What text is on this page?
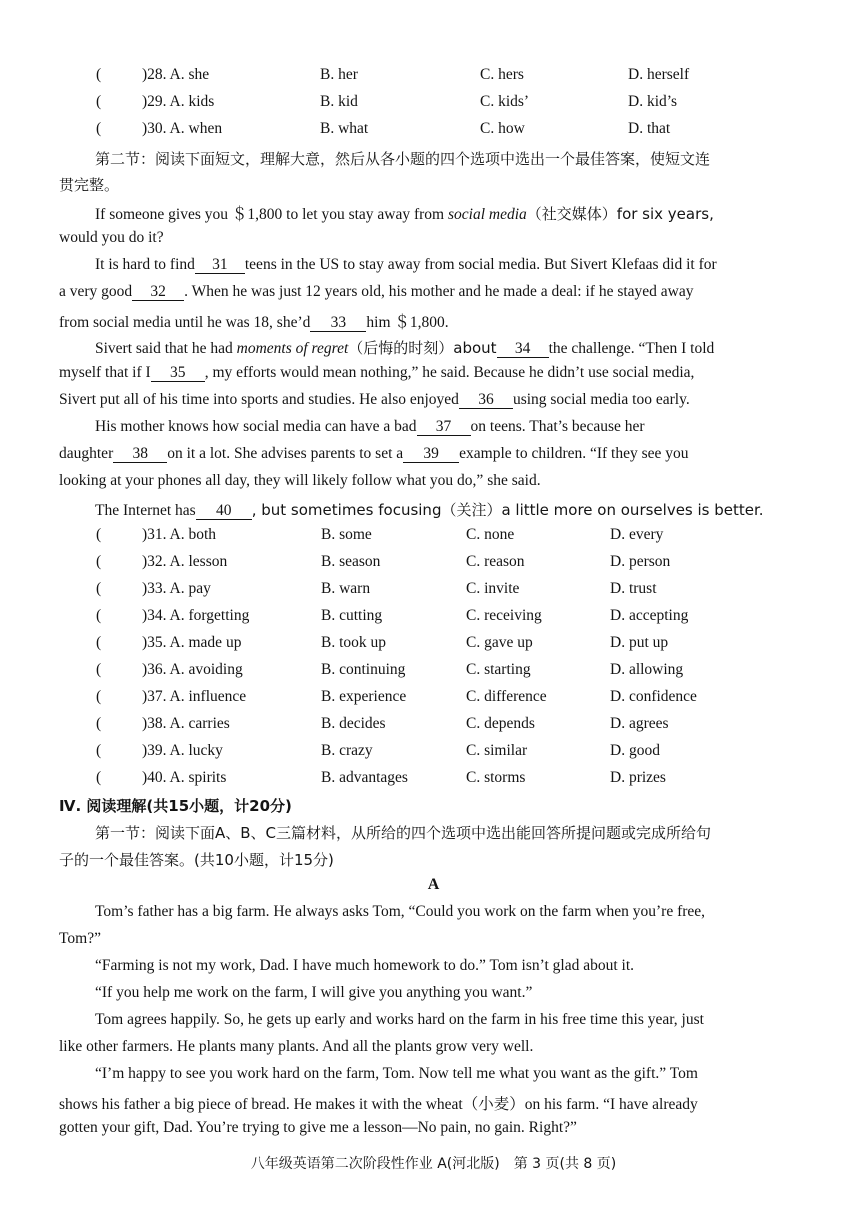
(	)28. A. she	B. her	C. hers	D. herself
(	)29. A. kids	B. kid	C. kids’	D. kid’s
(	)30. A. when	B. what	C. how	D. that
第二节：阅读下面短文，理解大意，然后从各小题的四个选项中选出一个最佳答案，使短文连
贯完整。
If someone gives you ＄1,800 to let you stay away from social media（社交媒体）for six years,
would you do it?
It is hard to find 31 teens in the US to stay away from social media. But Sivert Klefaas did it for
a very good 32 . When he was just 12 years old, his mother and he made a deal: if he stayed away
from social media until he was 18, she’d 33 him ＄1,800.
Sivert said that he had moments of regret（后悔的时刻）about 34 the challenge. “Then I told
myself that if I 35 , my efforts would mean nothing,” he said. Because he didn’t use social media,
Sivert put all of his time into sports and studies. He also enjoyed 36 using social media too early.
His mother knows how social media can have a bad 37 on teens. That’s because her
daughter 38 on it a lot. She advises parents to set a 39 example to children. “If they see you
looking at your phones all day, they will likely follow what you do,” she said.
The Internet has 40 , but sometimes focusing（关注）a little more on ourselves is better.
(	)31. A. both	B. some	C. none	D. every
(	)32. A. lesson	B. season	C. reason	D. person
(	)33. A. pay	B. warn	C. invite	D. trust
(	)34. A. forgetting	B. cutting	C. receiving	D. accepting
(	)35. A. made up	B. took up	C. gave up	D. put up
(	)36. A. avoiding	B. continuing	C. starting	D. allowing
(	)37. A. influence	B. experience	C. difference	D. confidence
(	)38. A. carries	B. decides	C. depends	D. agrees
(	)39. A. lucky	B. crazy	C. similar	D. good
(	)40. A. spirits	B. advantages	C. storms	D. prizes
Ⅳ. 阅读理解(共15小题，计20分)
第一节：阅读下面A、B、C三篇材料，从所给的四个选项中选出能回答所提问题或完成所给句
子的一个最佳答案。(共10小题，计15分)
A
Tom’s father has a big farm. He always asks Tom, “Could you work on the farm when you’re free,
Tom?”
“Farming is not my work, Dad. I have much homework to do.” Tom isn’t glad about it.
“If you help me work on the farm, I will give you anything you want.”
Tom agrees happily. So, he gets up early and works hard on the farm in his free time this year, just
like other farmers. He plants many plants. And all the plants grow very well.
“I’m happy to see you work hard on the farm, Tom. Now tell me what you want as the gift.” Tom
shows his father a big piece of bread. He makes it with the wheat（小麦）on his farm. “I have already
gotten your gift, Dad. You’re trying to give me a lesson—No pain, no gain. Right?”
八年级英语第二次阶段性作业 A(河北版)　第 3 页(共 8 页)
